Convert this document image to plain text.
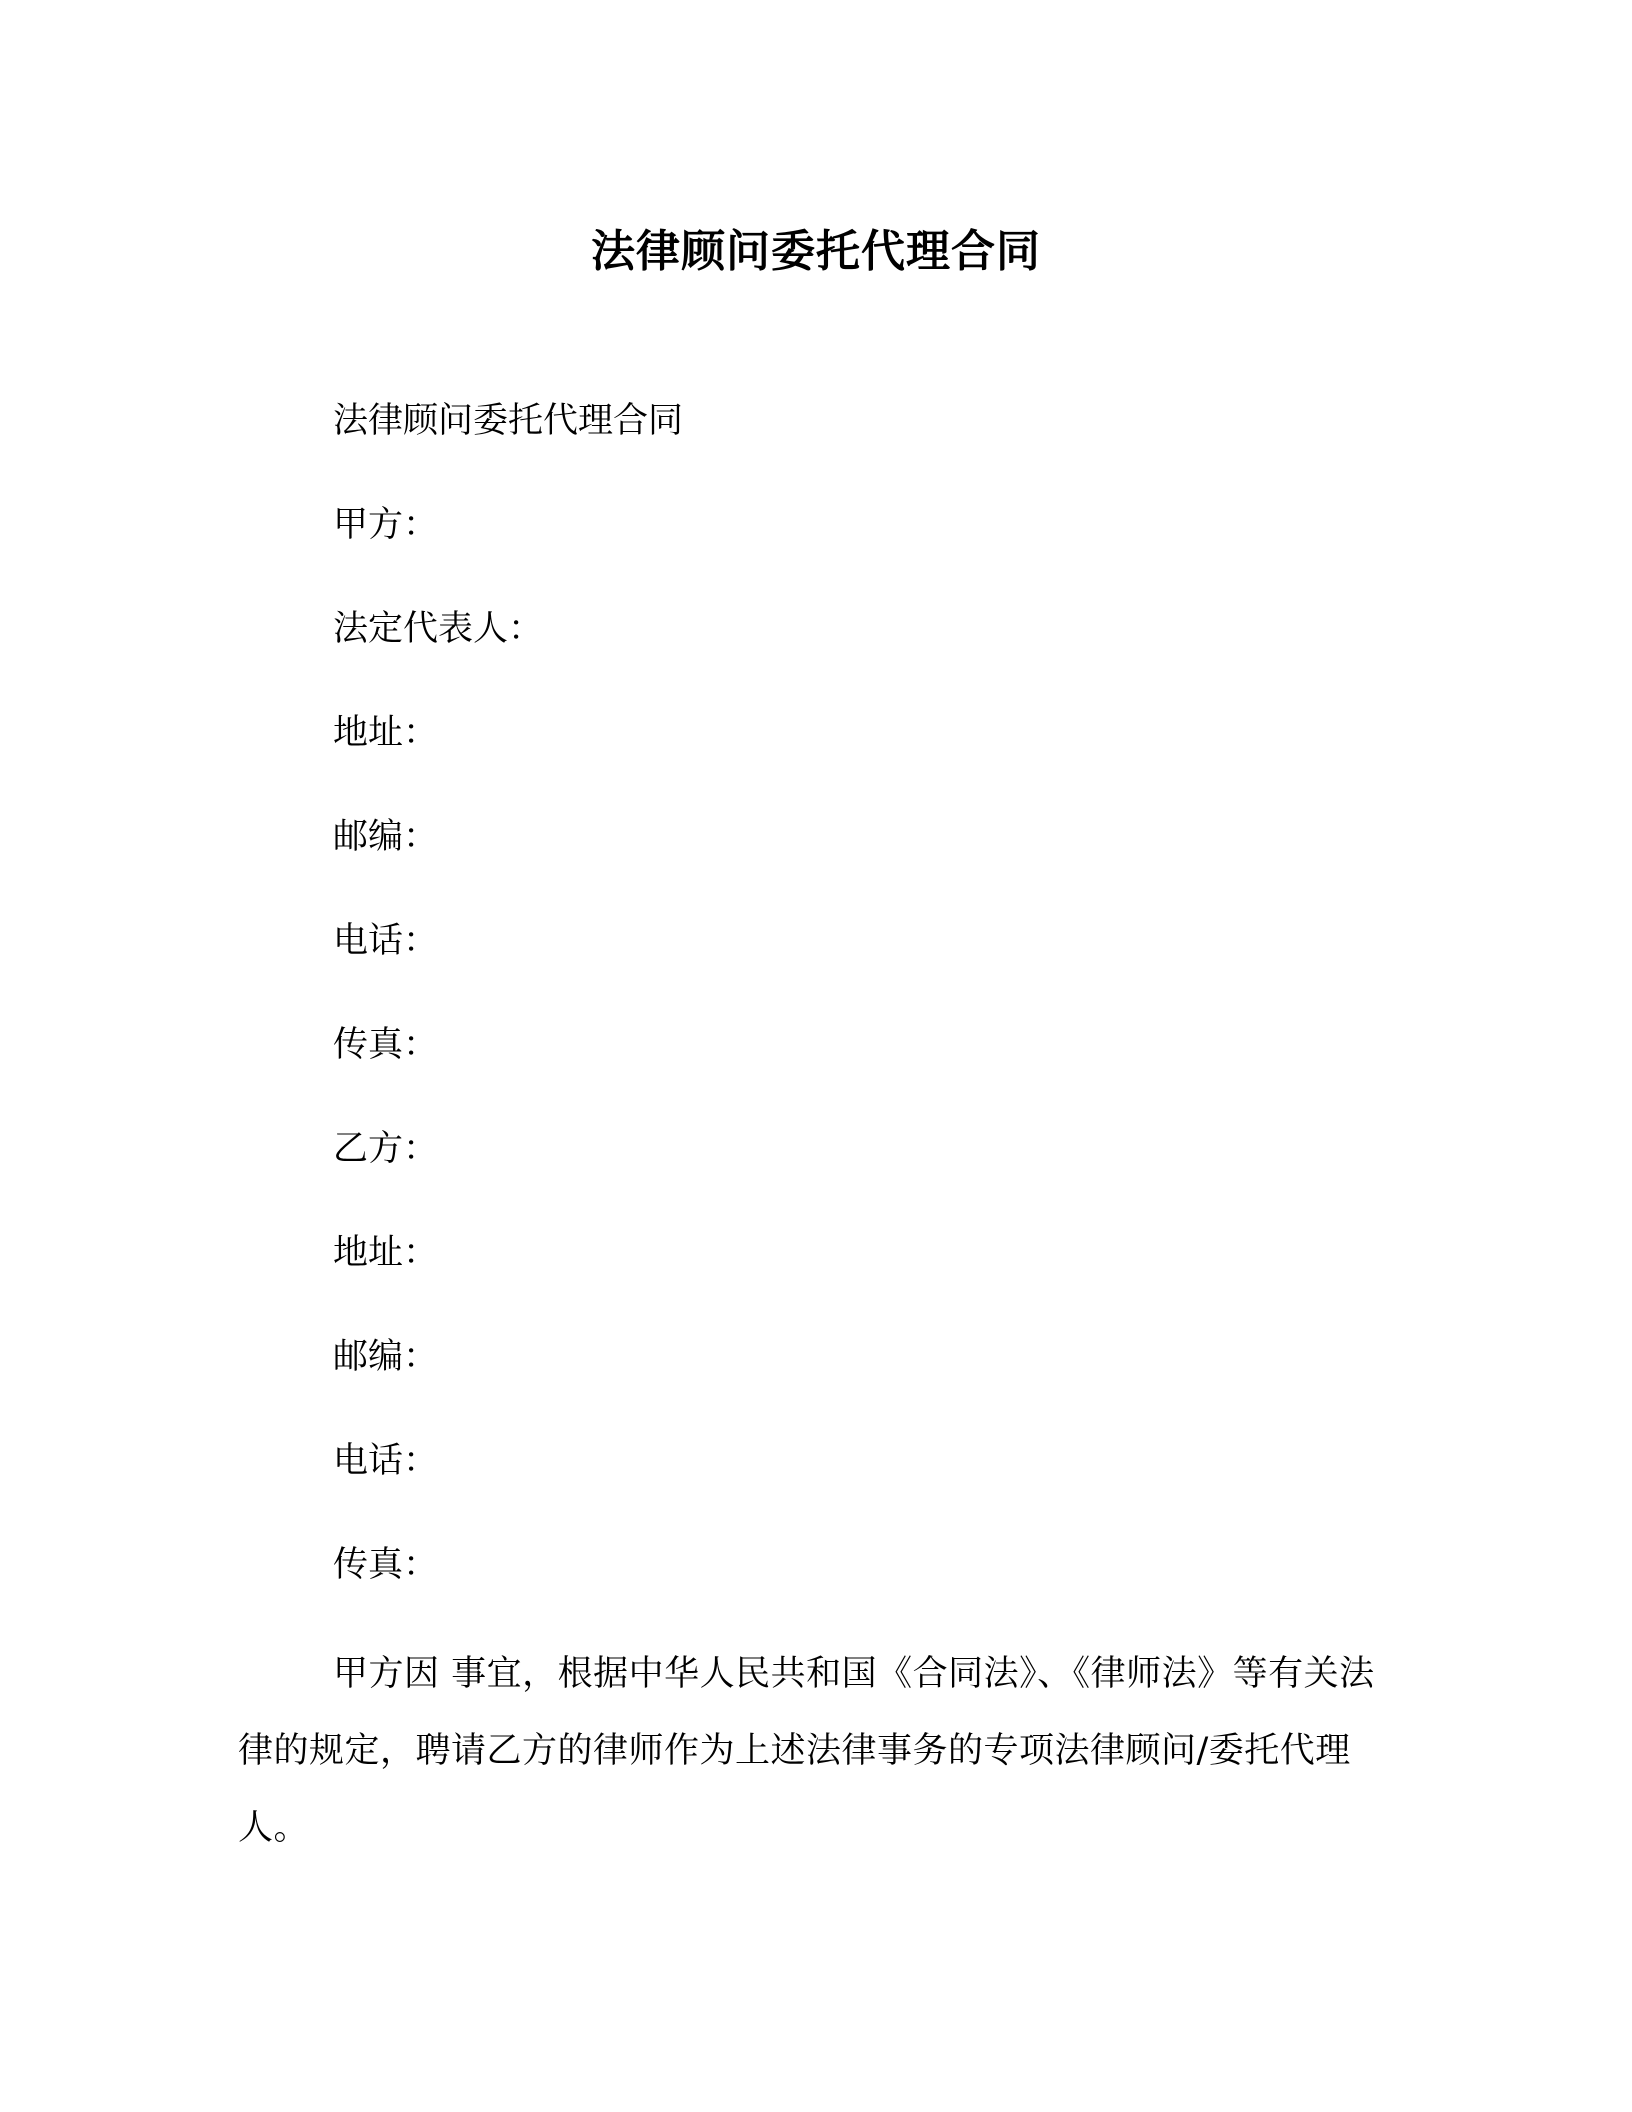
法律顾问委托代理合同
法律顾问委托代理合同
甲方：
法定代表人：
地址：
邮编：
电话：
传真：
乙方：
地址：
邮编：
电话：
传真：

甲方因 事宜，根据中华人民共和国《合同法》、《律师法》等有关法律的规定，聘请乙方的律师作为上述法律事务的专项法律顾问/委托代理人。
